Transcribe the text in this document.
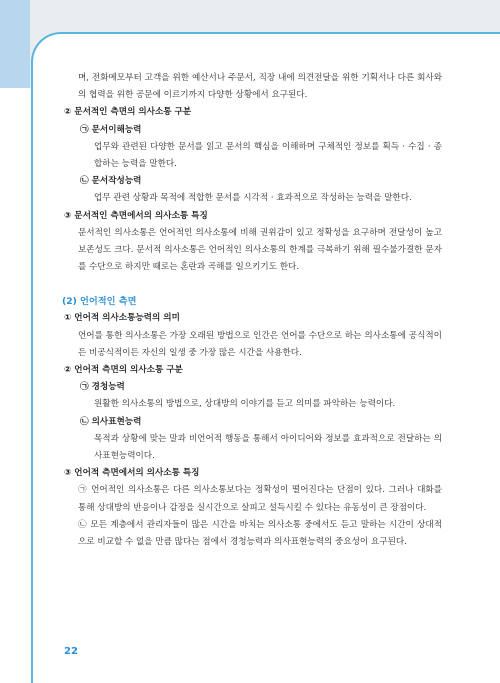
며, 전화메모부터 고객을 위한 예산서나 주문서, 직장 내에 의견전달을 위한 기획서나 다른 회사와의 협력을 위한 공문에 이르기까지 다양한 상황에서 요구된다.

② 문서적인 측면의 의사소통 구분

㉠ 문서이해능력

업무와 관련된 다양한 문서를 읽고 문서의 핵심을 이해하며 구체적인 정보를 획득 · 수집 · 종합하는 능력을 말한다.

㉡ 문서작성능력

업무 관련 상황과 목적에 적합한 문서를 시각적 · 효과적으로 작성하는 능력을 말한다.

③ 문서적인 측면에서의 의사소통 특징

문서적인 의사소통은 언어적인 의사소통에 비해 권위감이 있고 정확성을 요구하며 전달성이 높고 보존성도 크다. 문서적 의사소통은 언어적인 의사소통의 한계를 극복하기 위해 필수불가결한 문자를 수단으로 하지만 때로는 혼란과 곡해를 일으키기도 한다.

(2) 언어적인 측면

① 언어적 의사소통능력의 의미

언어를 통한 의사소통은 가장 오래된 방법으로 인간은 언어를 수단으로 하는 의사소통에 공식적이든 비공식적이든 자신의 일생 중 가장 많은 시간을 사용한다.

② 언어적 측면의 의사소통 구분

㉠ 경청능력

원활한 의사소통의 방법으로, 상대방의 이야기를 듣고 의미를 파악하는 능력이다.

㉡ 의사표현능력

목적과 상황에 맞는 말과 비언어적 행동을 통해서 아이디어와 정보를 효과적으로 전달하는 의사표현능력이다.

③ 언어적 측면에서의 의사소통 특징

㉠ 언어적인 의사소통은 다른 의사소통보다는 정확성이 떨어진다는 단점이 있다. 그러나 대화를 통해 상대방의 반응이나 감정을 실시간으로 살피고 설득시킬 수 있다는 유동성이 큰 장점이다.

㉡ 모든 계층에서 관리자들이 많은 시간을 바치는 의사소통 중에서도 듣고 말하는 시간이 상대적으로 비교할 수 없을 만큼 많다는 점에서 경청능력과 의사표현능력의 중요성이 요구된다.

22
